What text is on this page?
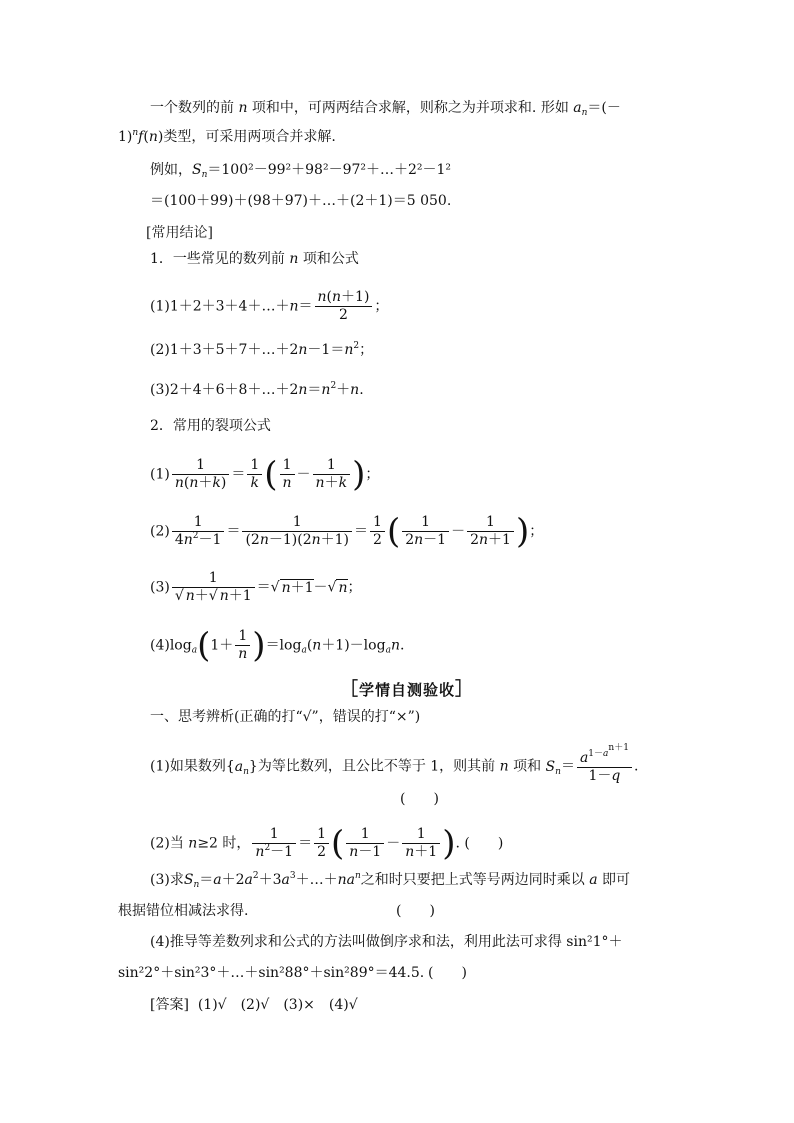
一个数列的前 n 项和中，可两两结合求解，则称之为并项求和. 形如 $a_n=(-$
1)$^n$f(n)类型，可采用两项合并求解.
例如，$S_n=100^2-99^2+98^2-97^2+\dots+2^2-1^2$
＝(100＋99)＋(98＋97)＋…＋(2＋1)＝5 050.
[常用结论]
1．一些常见的数列前 n 项和公式
(1)1＋2＋3＋4＋…＋n＝ $\frac{n(n+1)}{2}$ ；
$(2)1+3+5+7+\dots+2n-1=n^2$；
$(3)2+4+6+8+\dots+2n=n^2+n$.
2．常用的裂项公式
$(1) \frac{1}{n(n+k)} = \frac{1}{k}$ ( $\frac{1}{n} - \frac{1}{n+k}$ )；
$(2) \frac{1}{4n^2-1} = \frac{1}{(2n-1)(2n+1)} = \frac{1}{2}$ ( $\frac{1}{2n-1} - \frac{1}{2n+1}$ )；
$(3) \frac{1}{√ n+√ n+1}$ ＝√ n＋1－√ n；
$(4)\log_a(1+ \frac{1}{n} )=\log_a(n+1)-\log_an$.
［学情自测验收］
一、思考辨析(正确的打“√”，错误的打“×”)
(1)如果数列$\{a_n\}$为等比数列，且公比不等于 1，则其前 n 项和 $S_n= \frac{a^{1-a^{n+1}}}{1-q}$ .
(　　)
(2)当 n≥2 时， $\frac{1}{n^2-1} = \frac{1}{2}$ ( $\frac{1}{n-1} - \frac{1}{n+1}$ ). (　　)
(3)求$S_n=a+2a^2+3a^3+\dots+na^n$之和时只要把上式等号两边同时乘以 a 即可
根据错位相减法求得.	(　　)
(4)推导等差数列求和公式的方法叫做倒序求和法，利用此法可求得 sin²1°＋
sin²2°＋sin²3°＋…＋sin²88°＋sin²89°＝44.5. (　　)
[答案] (1)√　(2)√　(3)×　(4)√
